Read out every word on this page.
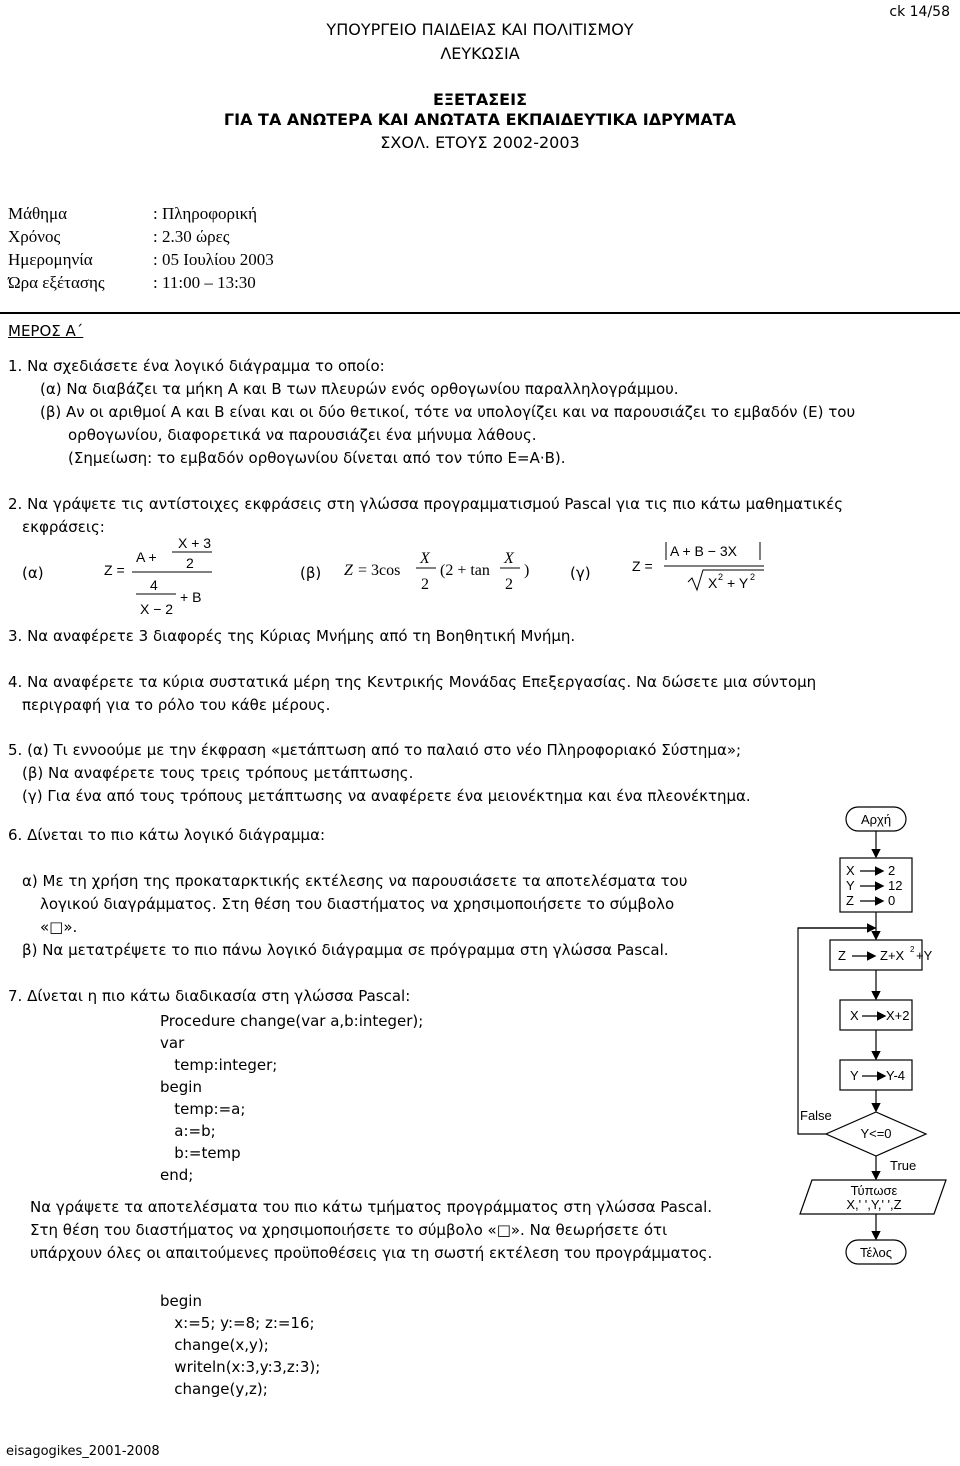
ck 14/58
ΥΠΟΥΡΓΕΙΟ ΠΑΙΔΕΙΑΣ ΚΑΙ ΠΟΛΙΤΙΣΜΟΥ
ΛΕΥΚΩΣΙΑ
ΕΞΕΤΑΣΕΙΣ
ΓΙΑ ΤΑ ΑΝΩΤΕΡΑ ΚΑΙ ΑΝΩΤΑΤΑ ΕΚΠΑΙΔΕΥΤΙΚΑ ΙΔΡΥΜΑΤΑ
ΣΧΟΛ. ΕΤΟΥΣ 2002-2003
Μάθημα	: Πληροφορική
Χρόνος	: 2.30 ώρες
Ημερομηνία	: 05 Ιουλίου 2003
Ώρα εξέτασης	: 11:00 – 13:30
ΜΕΡΟΣ Α΄
1. Να σχεδιάσετε ένα λογικό διάγραμμα το οποίο:
(α) Να διαβάζει τα μήκη Α και Β των πλευρών ενός ορθογωνίου παραλληλογράμμου.
(β) Αν οι αριθμοί Α και Β είναι και οι δύο θετικοί, τότε να υπολογίζει και να παρουσιάζει το εμβαδόν (Ε) του
ορθογωνίου, διαφορετικά να παρουσιάζει ένα μήνυμα λάθους.
(Σημείωση: το εμβαδόν ορθογωνίου δίνεται από τον τύπο Ε=Α·Β).
2. Να γράψετε τις αντίστοιχες εκφράσεις στη γλώσσα προγραμματισμού Pascal για τις πιο κάτω μαθηματικές
εκφράσεις:
(α)	Z =
X + 3
A + 2
4
+ B
X − 2
(β) Z = 3cos
X
2
(2 + tan
X
2
)	(γ)	Z =
A + B − 3X
X 2 + Y 2
3. Να αναφέρετε 3 διαφορές της Κύριας Μνήμης από τη Βοηθητική Μνήμη.
4. Να αναφέρετε τα κύρια συστατικά μέρη της Κεντρικής Μονάδας Επεξεργασίας. Να δώσετε μια σύντομη
περιγραφή για το ρόλο του κάθε μέρους.
5. (α) Τι εννοούμε με την έκφραση «μετάπτωση από το παλαιό στο νέο Πληροφοριακό Σύστημα»;
(β) Να αναφέρετε τους τρεις τρόπους μετάπτωσης.
(γ) Για ένα από τους τρόπους μετάπτωσης να αναφέρετε ένα μειονέκτημα και ένα πλεονέκτημα.
6. Δίνεται το πιο κάτω λογικό διάγραμμα:
α) Με τη χρήση της προκαταρκτικής εκτέλεσης να παρουσιάσετε τα αποτελέσματα του
λογικού διαγράμματος. Στη θέση του διαστήματος να χρησιμοποιήσετε το σύμβολο
«□».
β) Να μετατρέψετε το πιο πάνω λογικό διάγραμμα σε πρόγραμμα στη γλώσσα Pascal.
7. Δίνεται η πιο κάτω διαδικασία στη γλώσσα Pascal:
Procedure change(var a,b:integer);
var
temp:integer;
begin
temp:=a;
a:=b;
b:=temp
end;
Να γράψετε τα αποτελέσματα του πιο κάτω τμήματος προγράμματος στη γλώσσα Pascal.
Στη θέση του διαστήματος να χρησιμοποιήσετε το σύμβολο «□». Να θεωρήσετε ότι
υπάρχουν όλες οι απαιτούμενες προϋποθέσεις για τη σωστή εκτέλεση του προγράμματος.
begin
x:=5; y:=8; z:=16;
change(x,y);
writeln(x:3,y:3,z:3);
change(y,z);
Αρχή
X	2
Y	12
Z	0
Z	Z+X 2 +Y
X X+2
Y Y-4
Y<=0
False
True
Τύπωσε
X,' ',Y,' ',Z
Τέλος
eisagogikes_2001-2008
